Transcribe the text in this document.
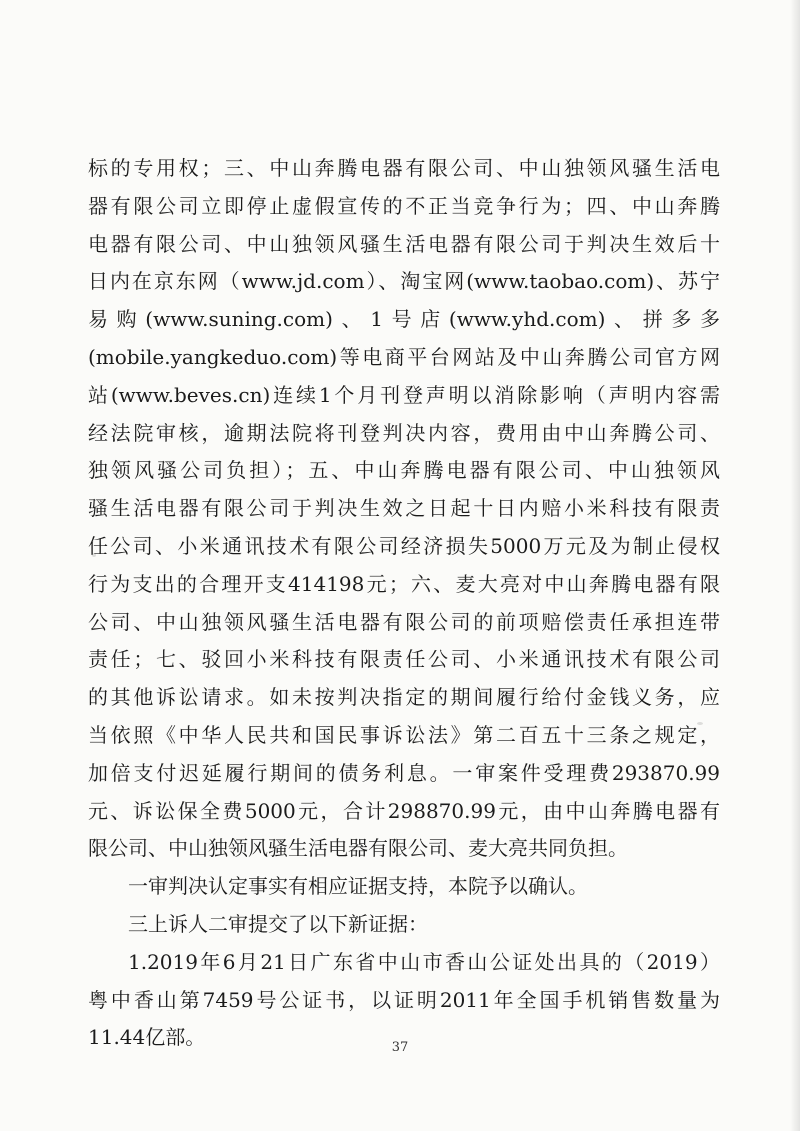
标的专用权；三、中山奔腾电器有限公司、中山独领风骚生活电
器有限公司立即停止虚假宣传的不正当竞争行为；四、中山奔腾
电器有限公司、中山独领风骚生活电器有限公司于判决生效后十
日内在京东网（www.jd.com）、淘宝网(www.taobao.com)、苏宁
易购(www.suning.com)、1号店(www.yhd.com)、拼多多
(mobile.yangkeduo.com)等电商平台网站及中山奔腾公司官方网
站(www.beves.cn)连续1个月刊登声明以消除影响（声明内容需
经法院审核，逾期法院将刊登判决内容，费用由中山奔腾公司、
独领风骚公司负担）；五、中山奔腾电器有限公司、中山独领风
骚生活电器有限公司于判决生效之日起十日内赔小米科技有限责
任公司、小米通讯技术有限公司经济损失5000万元及为制止侵权
行为支出的合理开支414198元；六、麦大亮对中山奔腾电器有限
公司、中山独领风骚生活电器有限公司的前项赔偿责任承担连带
责任；七、驳回小米科技有限责任公司、小米通讯技术有限公司
的其他诉讼请求。如未按判决指定的期间履行给付金钱义务，应
当依照《中华人民共和国民事诉讼法》第二百五十三条之规定，
加倍支付迟延履行期间的债务利息。一审案件受理费293870.99
元、诉讼保全费5000元，合计298870.99元，由中山奔腾电器有
限公司、中山独领风骚生活电器有限公司、麦大亮共同负担。
一审判决认定事实有相应证据支持，本院予以确认。
三上诉人二审提交了以下新证据：
1.2019年6月21日广东省中山市香山公证处出具的（2019）
粤中香山第7459号公证书，以证明2011年全国手机销售数量为
11.44亿部。	37
